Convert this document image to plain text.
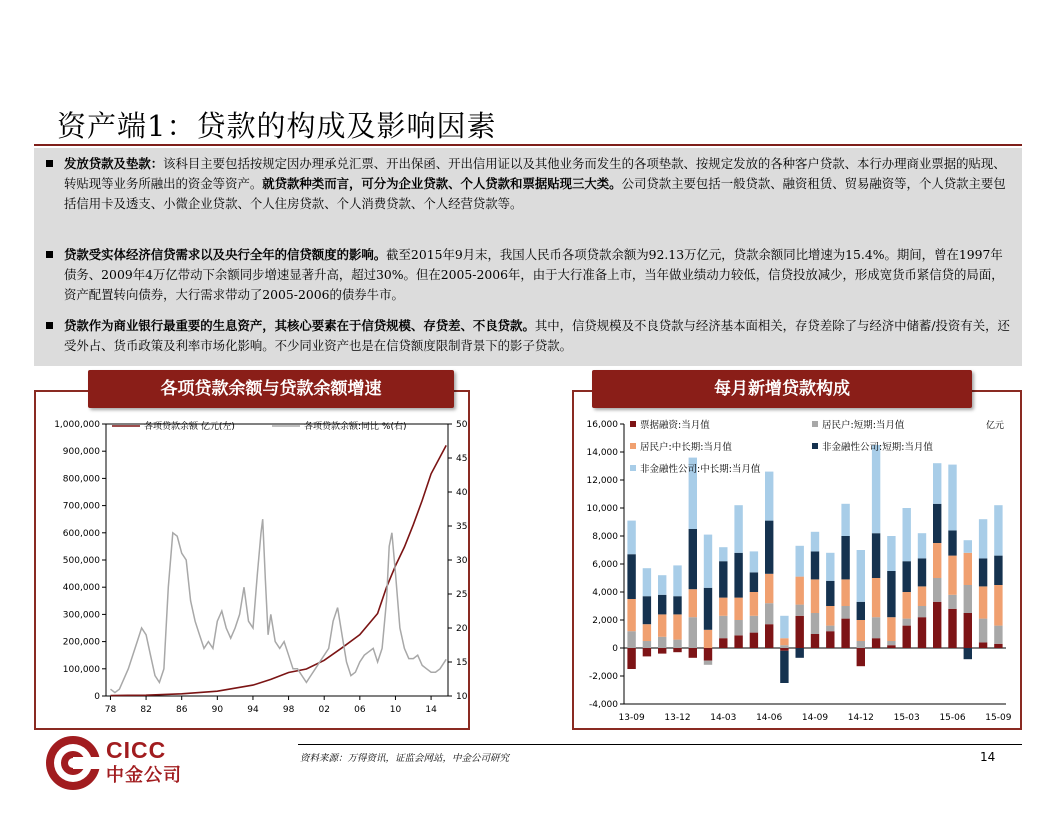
资产端1：贷款的构成及影响因素
发放贷款及垫款：该科目主要包括按规定因办理承兑汇票、开出保函、开出信用证以及其他业务而发生的各项垫款、按规定发放的各种客户贷款、本行办理商业票据的贴现、转贴现等业务所融出的资金等资产。就贷款种类而言，可分为企业贷款、个人贷款和票据贴现三大类。公司贷款主要包括一般贷款、融资租赁、贸易融资等，个人贷款主要包括信用卡及透支、小微企业贷款、个人住房贷款、个人消费贷款、个人经营贷款等。
贷款受实体经济信贷需求以及央行全年的信贷额度的影响。截至2015年9月末，我国人民币各项贷款余额为92.13万亿元，贷款余额同比增速为15.4%。期间，曾在1997年债务、2009年4万亿带动下余额同步增速显著升高，超过30%。但在2005-2006年，由于大行准备上市，当年做业绩动力较低，信贷投放减少，形成宽货币紧信贷的局面，资产配置转向债券，大行需求带动了2005-2006的债券牛市。
贷款作为商业银行最重要的生息资产，其核心要素在于信贷规模、存贷差、不良贷款。其中，信贷规模及不良贷款与经济基本面相关，存贷差除了与经济中储蓄/投资有关，还受外占、货币政策及利率市场化影响。不少同业资产也是在信贷额度限制背景下的影子贷款。
各项贷款余额与贷款余额增速
0
100,000
200,000
300,000
400,000
500,000
600,000
700,000
800,000
900,000
1,000,000
10
15
20
25
30
35
40
45
50
78	82	86	90	94	98	02	06	10	14
各项贷款余额 亿元(左)	各项贷款余额:同比 %(右)
每月新增贷款构成
-4,000
-2,000
0
2,000
4,000
6,000
8,000
10,000
12,000
14,000
16,000
13-09 13-12 14-03 14-06 14-09 14-12 15-03 15-06 15-09
亿元
票据融资:当月值	居民户:短期:当月值
居民户:中长期:当月值	非金融性公司:短期:当月值
非金融性公司:中长期:当月值
CICC
中金公司
资料来源：万得资讯，证监会网站，中金公司研究	14
